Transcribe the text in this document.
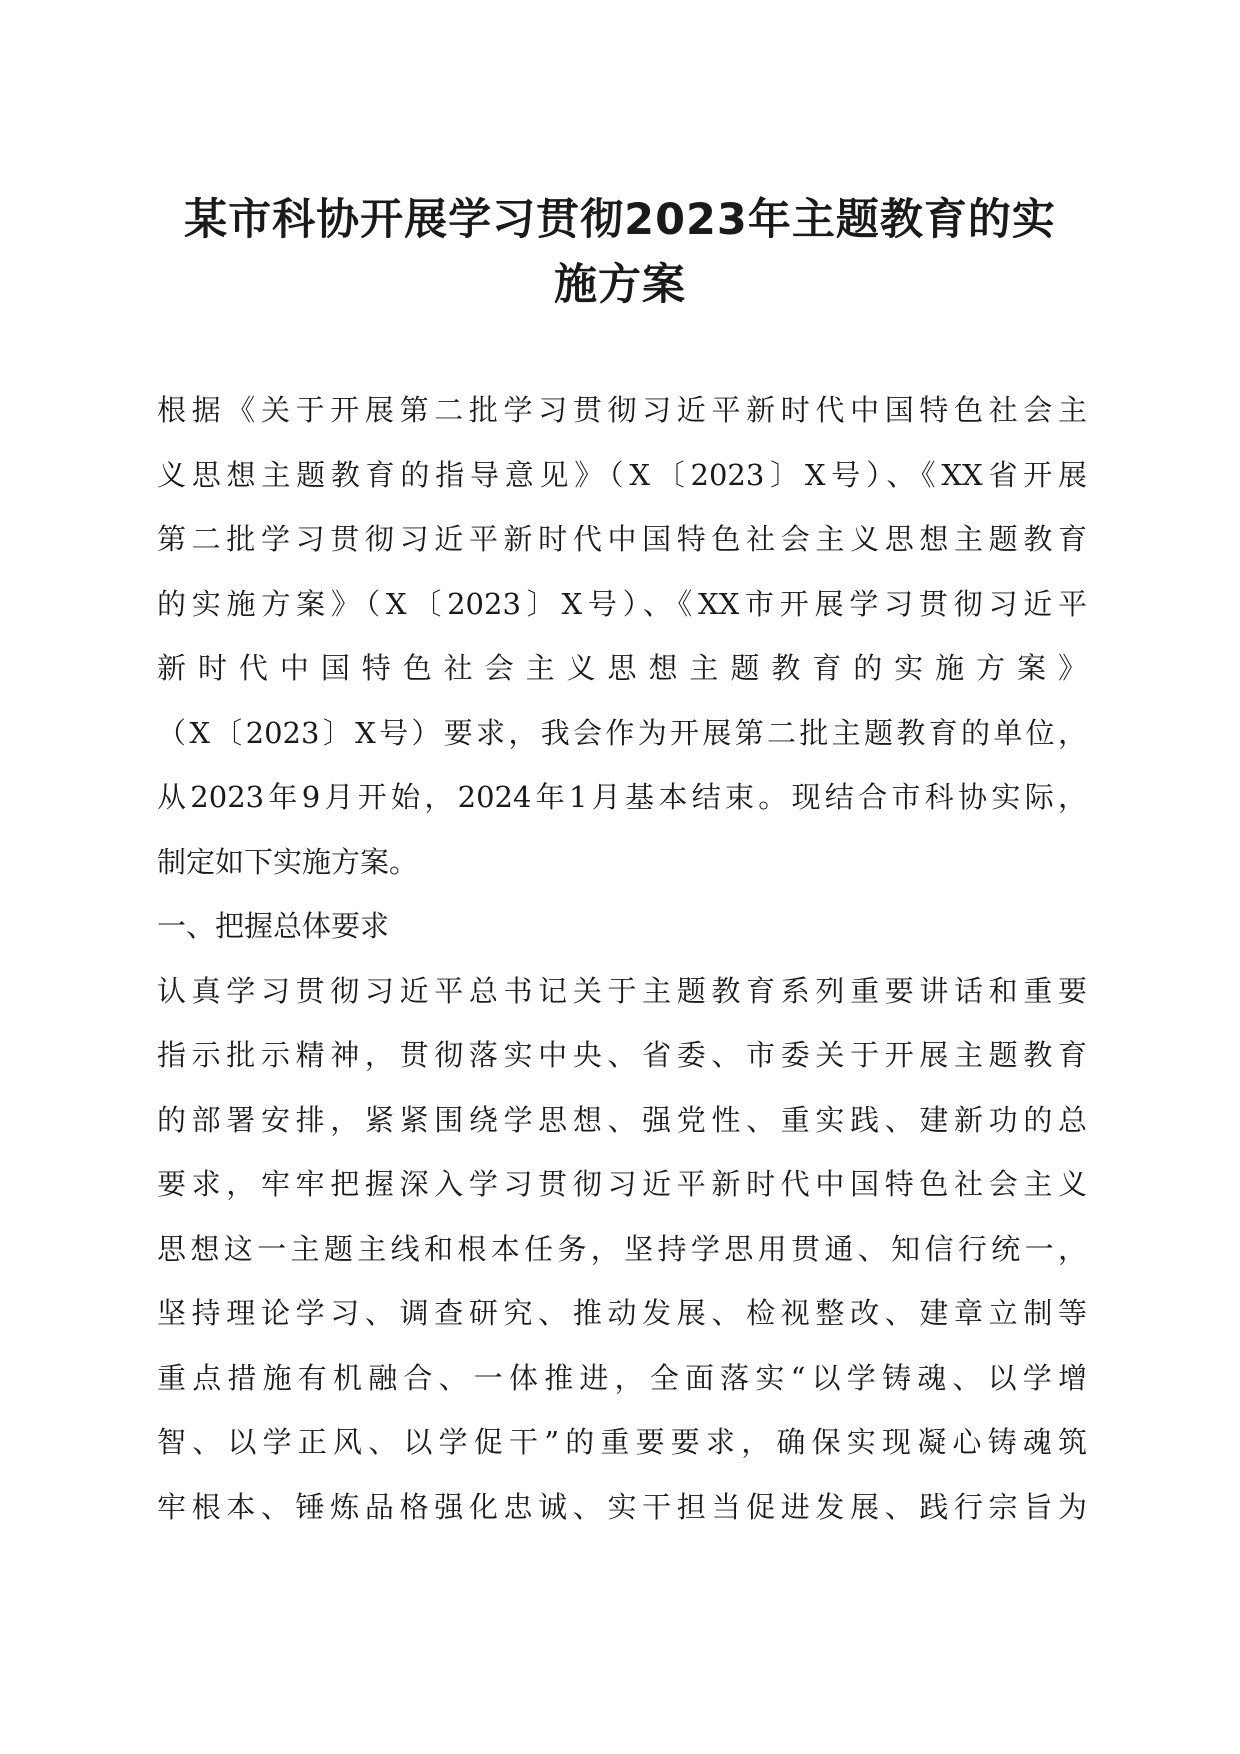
某市科协开展学习贯彻2023年主题教育的实
施方案
根据《关于开展第二批学习贯彻习近平新时代中国特色社会主
义思想主题教育的指导意见》（X〔2023〕X号）、《XX省开展
第二批学习贯彻习近平新时代中国特色社会主义思想主题教育
的实施方案》（X〔2023〕X号）、《XX市开展学习贯彻习近平
新时代中国特色社会主义思想主题教育的实施方案》
（X〔2023〕X号）要求，我会作为开展第二批主题教育的单位，
从2023年9月开始，2024年1月基本结束。现结合市科协实际，
制定如下实施方案。
一、把握总体要求
认真学习贯彻习近平总书记关于主题教育系列重要讲话和重要
指示批示精神，贯彻落实中央、省委、市委关于开展主题教育
的部署安排，紧紧围绕学思想、强党性、重实践、建新功的总
要求，牢牢把握深入学习贯彻习近平新时代中国特色社会主义
思想这一主题主线和根本任务，坚持学思用贯通、知信行统一，
坚持理论学习、调查研究、推动发展、检视整改、建章立制等
重点措施有机融合、一体推进，全面落实“以学铸魂、以学增
智、以学正风、以学促干”的重要要求，确保实现凝心铸魂筑
牢根本、锤炼品格强化忠诚、实干担当促进发展、践行宗旨为
